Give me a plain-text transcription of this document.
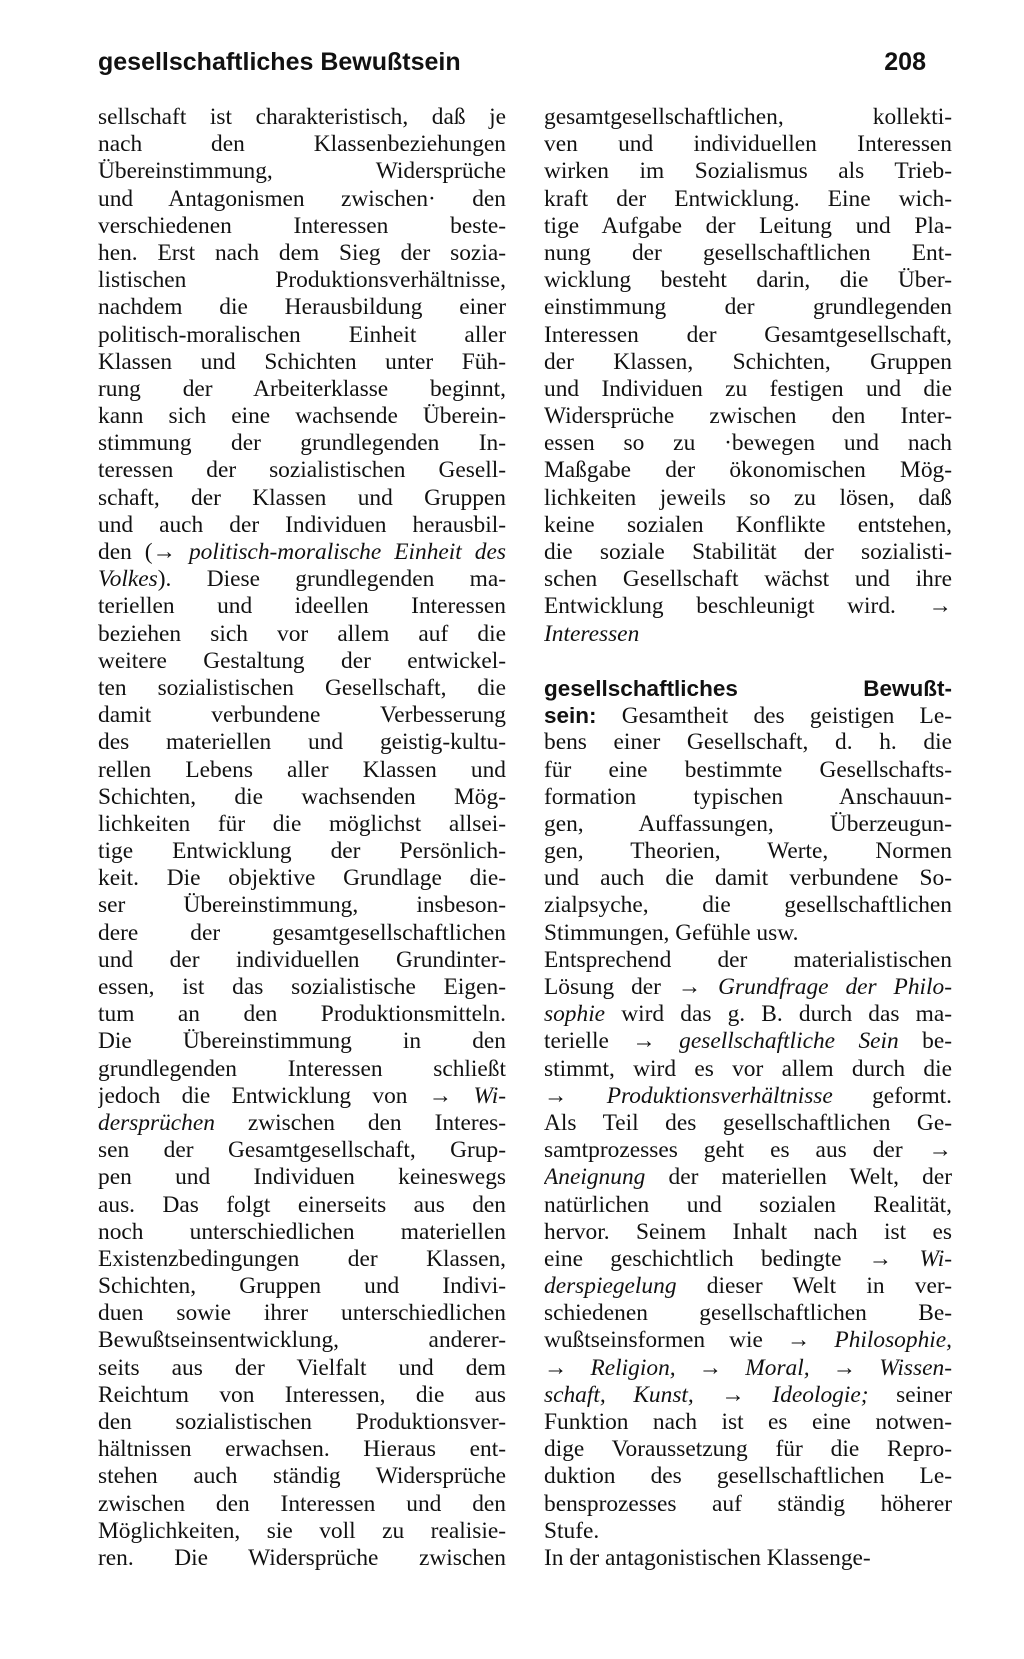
gesellschaftliches Bewußtsein	208
sellschaft ist charakteristisch, daß je
nach den Klassenbeziehungen
Übereinstimmung, Widersprüche
und Antagonismen zwischen· den
verschiedenen Interessen beste-
hen. Erst nach dem Sieg der sozia-
listischen Produktionsverhältnisse,
nachdem die Herausbildung einer
politisch-moralischen Einheit aller
Klassen und Schichten unter Füh-
rung der Arbeiterklasse beginnt,
kann sich eine wachsende Überein-
stimmung der grundlegenden In-
teressen der sozialistischen Gesell-
schaft, der Klassen und Gruppen
und auch der Individuen herausbil-
den (→ politisch-moralische Einheit des
Volkes). Diese grundlegenden ma-
teriellen und ideellen Interessen
beziehen sich vor allem auf die
weitere Gestaltung der entwickel-
ten sozialistischen Gesellschaft, die
damit verbundene Verbesserung
des materiellen und geistig-kultu-
rellen Lebens aller Klassen und
Schichten, die wachsenden Mög-
lichkeiten für die möglichst allsei-
tige Entwicklung der Persönlich-
keit. Die objektive Grundlage die-
ser Übereinstimmung, insbeson-
dere der gesamtgesellschaftlichen
und der individuellen Grundinter-
essen, ist das sozialistische Eigen-
tum an den Produktionsmitteln.
Die Übereinstimmung in den
grundlegenden Interessen schließt
jedoch die Entwicklung von → Wi-
dersprüchen zwischen den Interes-
sen der Gesamtgesellschaft, Grup-
pen und Individuen keineswegs
aus. Das folgt einerseits aus den
noch unterschiedlichen materiellen
Existenzbedingungen der Klassen,
Schichten, Gruppen und Indivi-
duen sowie ihrer unterschiedlichen
Bewußtseinsentwicklung, anderer-
seits aus der Vielfalt und dem
Reichtum von Interessen, die aus
den sozialistischen Produktionsver-
hältnissen erwachsen. Hieraus ent-
stehen auch ständig Widersprüche
zwischen den Interessen und den
Möglichkeiten, sie voll zu realisie-
ren. Die Widersprüche zwischen
gesamtgesellschaftlichen, kollekti-
ven und individuellen Interessen
wirken im Sozialismus als Trieb-
kraft der Entwicklung. Eine wich-
tige Aufgabe der Leitung und Pla-
nung der gesellschaftlichen Ent-
wicklung besteht darin, die Über-
einstimmung der grundlegenden
Interessen der Gesamtgesellschaft,
der Klassen, Schichten, Gruppen
und Individuen zu festigen und die
Widersprüche zwischen den Inter-
essen so zu ·bewegen und nach
Maßgabe der ökonomischen Mög-
lichkeiten jeweils so zu lösen, daß
keine sozialen Konflikte entstehen,
die soziale Stabilität der sozialisti-
schen Gesellschaft wächst und ihre
Entwicklung beschleunigt wird. →
Interessen
gesellschaftliches Bewußt-
sein: Gesamtheit des geistigen Le-
bens einer Gesellschaft, d. h. die
für eine bestimmte Gesellschafts-
formation typischen Anschauun-
gen, Auffassungen, Überzeugun-
gen, Theorien, Werte, Normen
und auch die damit verbundene So-
zialpsyche, die gesellschaftlichen
Stimmungen, Gefühle usw.
Entsprechend der materialistischen
Lösung der → Grundfrage der Philo-
sophie wird das g. B. durch das ma-
terielle → gesellschaftliche Sein be-
stimmt, wird es vor allem durch die
→ Produktionsverhältnisse geformt.
Als Teil des gesellschaftlichen Ge-
samtprozesses geht es aus der →
Aneignung der materiellen Welt, der
natürlichen und sozialen Realität,
hervor. Seinem Inhalt nach ist es
eine geschichtlich bedingte → Wi-
derspiegelung dieser Welt in ver-
schiedenen gesellschaftlichen Be-
wußtseinsformen wie → Philosophie,
→ Religion, → Moral, → Wissen-
schaft, Kunst, → Ideologie; seiner
Funktion nach ist es eine notwen-
dige Voraussetzung für die Repro-
duktion des gesellschaftlichen Le-
bensprozesses auf ständig höherer
Stufe.
In der antagonistischen Klassenge-
